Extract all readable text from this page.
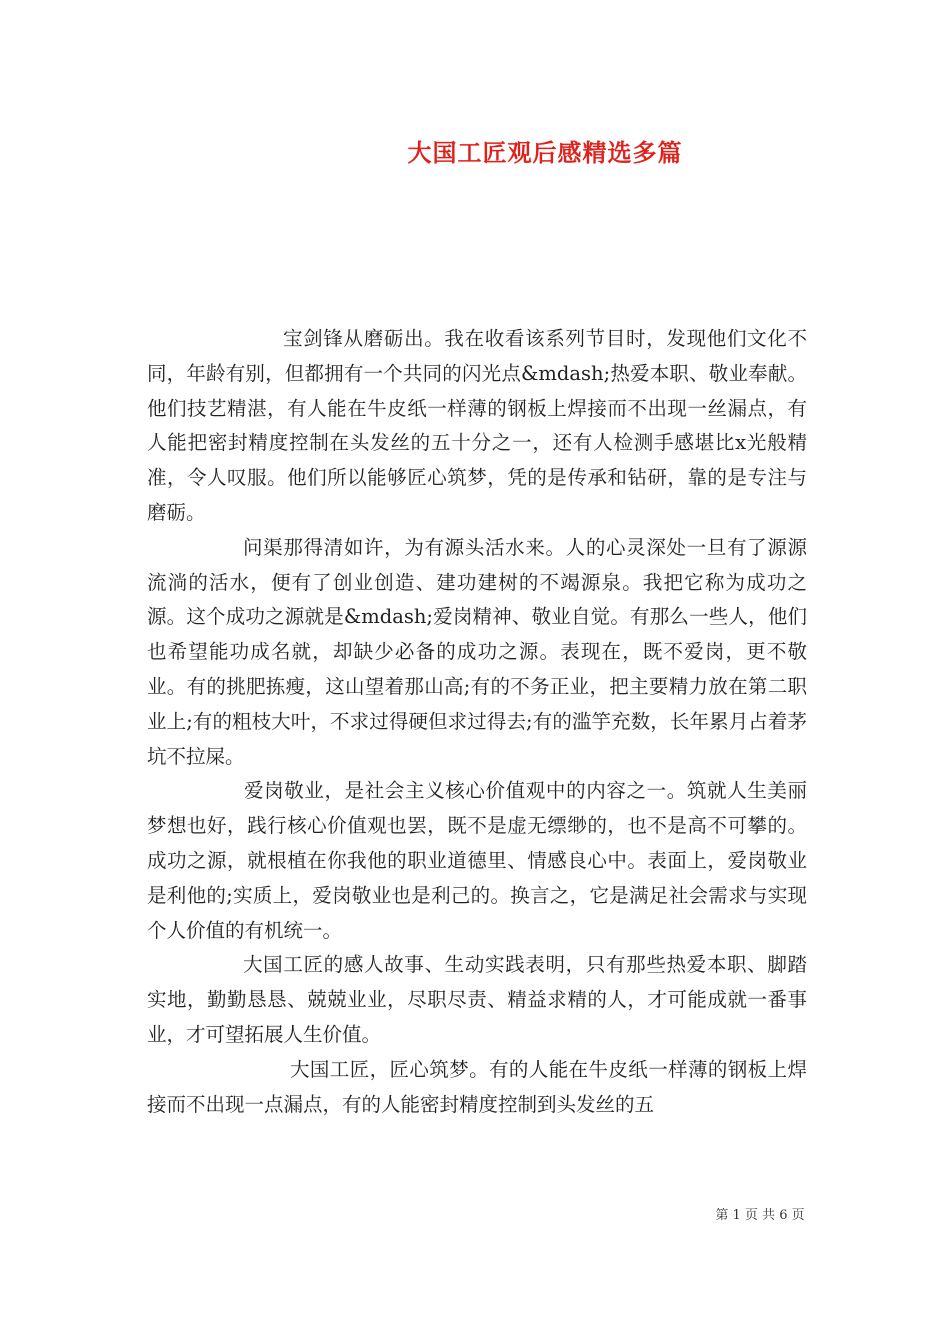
大国工匠观后感精选多篇

宝剑锋从磨砺出。我在收看该系列节目时，发现他们文化不同，年龄有别，但都拥有一个共同的闪光点&mdash;热爱本职、敬业奉献。他们技艺精湛，有人能在牛皮纸一样薄的钢板上焊接而不出现一丝漏点，有人能把密封精度控制在头发丝的五十分之一，还有人检测手感堪比x光般精准，令人叹服。他们所以能够匠心筑梦，凭的是传承和钻研，靠的是专注与磨砺。

问渠那得清如许，为有源头活水来。人的心灵深处一旦有了源源流淌的活水，便有了创业创造、建功建树的不竭源泉。我把它称为成功之源。这个成功之源就是&mdash;爱岗精神、敬业自觉。有那么一些人，他们也希望能功成名就，却缺少必备的成功之源。表现在，既不爱岗，更不敬业。有的挑肥拣瘦，这山望着那山高;有的不务正业，把主要精力放在第二职业上;有的粗枝大叶，不求过得硬但求过得去;有的滥竽充数，长年累月占着茅坑不拉屎。

爱岗敬业，是社会主义核心价值观中的内容之一。筑就人生美丽梦想也好，践行核心价值观也罢，既不是虚无缥缈的，也不是高不可攀的。成功之源，就根植在你我他的职业道德里、情感良心中。表面上，爱岗敬业是利他的;实质上，爱岗敬业也是利己的。换言之，它是满足社会需求与实现个人价值的有机统一。

大国工匠的感人故事、生动实践表明，只有那些热爱本职、脚踏实地，勤勤恳恳、兢兢业业，尽职尽责、精益求精的人，才可能成就一番事业，才可望拓展人生价值。

大国工匠，匠心筑梦。有的人能在牛皮纸一样薄的钢板上焊接而不出现一点漏点，有的人能密封精度控制到头发丝的五

第 1 页 共 6 页
